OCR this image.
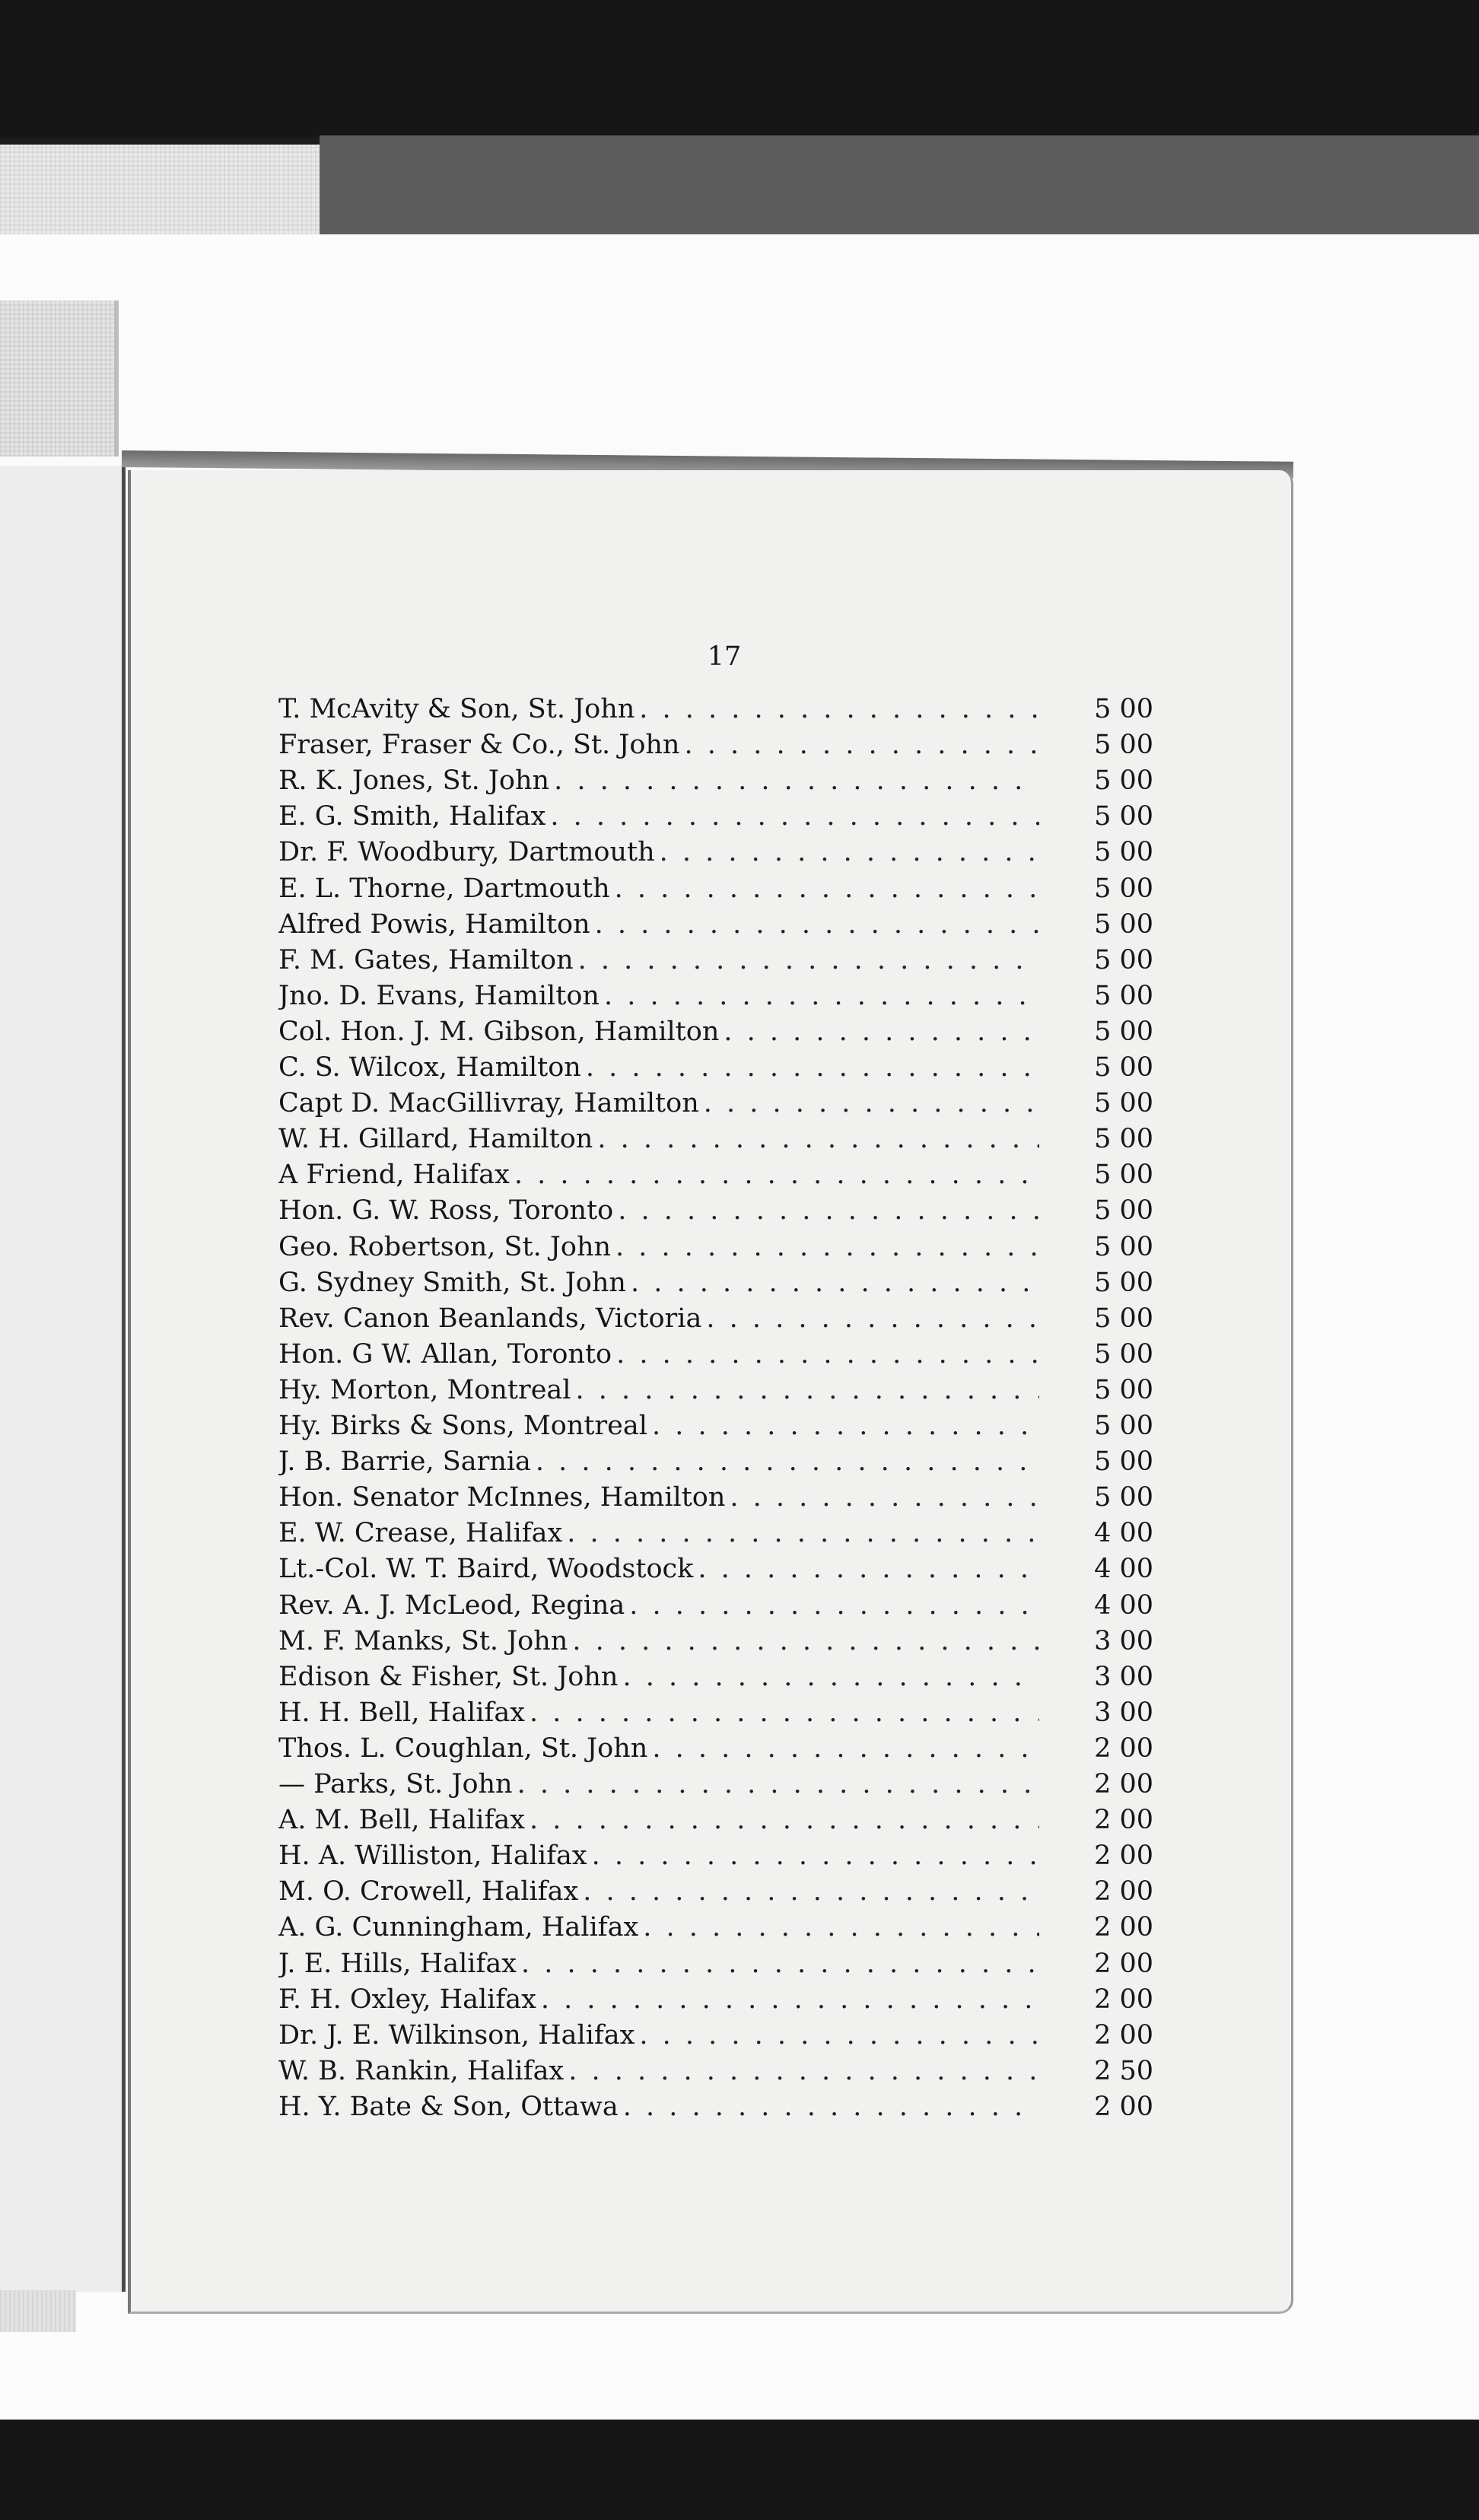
17
T. McAvity & Son, St. John . . .	5 00
Fraser, Fraser & Co., St. John . . .	5 00
R. K. Jones, St. John . . .	5 00
E. G. Smith, Halifax . . .	5 00
Dr. F. Woodbury, Dartmouth . . .	5 00
E. L. Thorne, Dartmouth . . .	5 00
Alfred Powis, Hamilton . . .	5 00
F. M. Gates, Hamilton . . .	5 00
Jno. D. Evans, Hamilton . . .	5 00
Col. Hon. J. M. Gibson, Hamilton . . .	5 00
C. S. Wilcox, Hamilton . . .	5 00
Capt D. MacGillivray, Hamilton . . .	5 00
W. H. Gillard, Hamilton . . .	5 00
A Friend, Halifax . . .	5 00
Hon. G. W. Ross, Toronto . . .	5 00
Geo. Robertson, St. John . . .	5 00
G. Sydney Smith, St. John . . .	5 00
Rev. Canon Beanlands, Victoria . . .	5 00
Hon. G W. Allan, Toronto . . .	5 00
Hy. Morton, Montreal . . .	5 00
Hy. Birks & Sons, Montreal . . .	5 00
J. B. Barrie, Sarnia . . .	5 00
Hon. Senator McInnes, Hamilton . . .	5 00
E. W. Crease, Halifax . . .	4 00
Lt.-Col. W. T. Baird, Woodstock . . .	4 00
Rev. A. J. McLeod, Regina . . .	4 00
M. F. Manks, St. John . . .	3 00
Edison & Fisher, St. John . . .	3 00
H. H. Bell, Halifax . . .	3 00
Thos. L. Coughlan, St. John . . .	2 00
— Parks, St. John . . .	2 00
A. M. Bell, Halifax . . .	2 00
H. A. Williston, Halifax . . .	2 00
M. O. Crowell, Halifax . . .	2 00
A. G. Cunningham, Halifax . . .	2 00
J. E. Hills, Halifax . . .	2 00
F. H. Oxley, Halifax . . .	2 00
Dr. J. E. Wilkinson, Halifax . . .	2 00
W. B. Rankin, Halifax . . .	2 50
H. Y. Bate & Son, Ottawa . . .	2 00
